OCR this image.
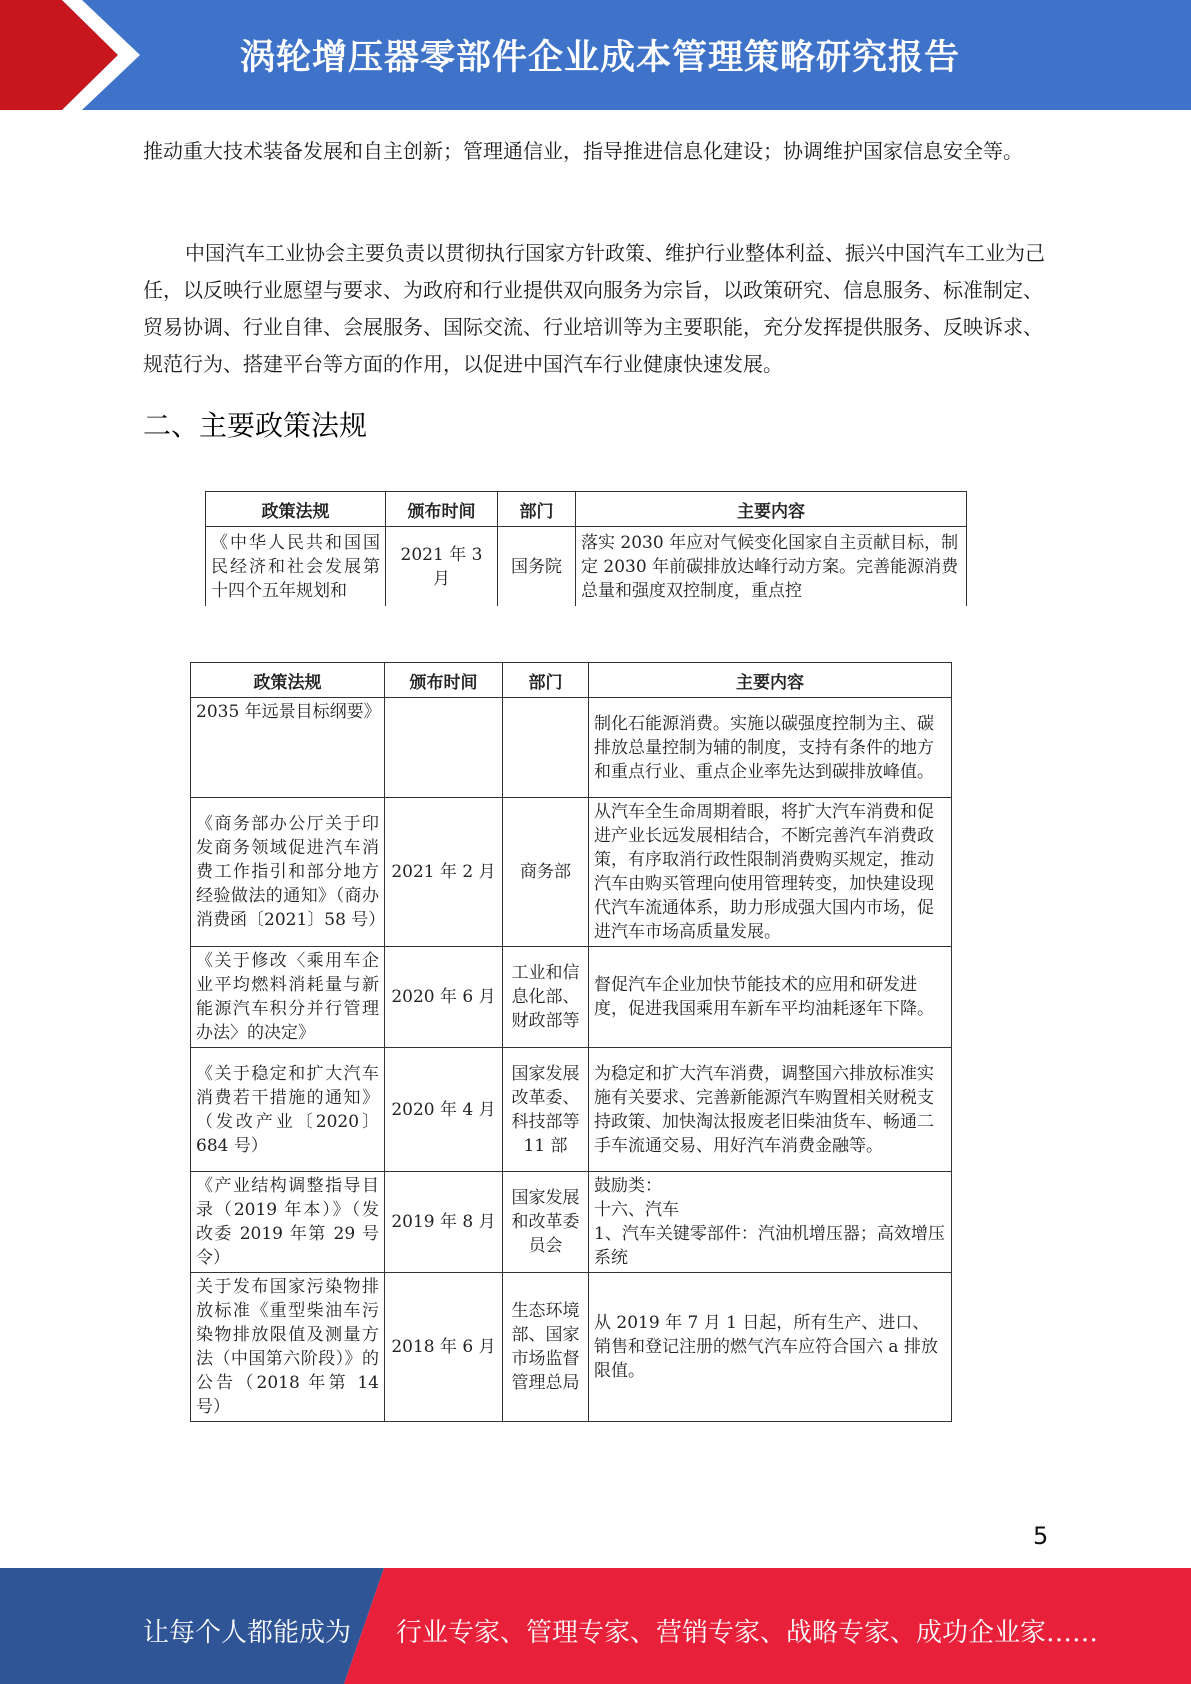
涡轮增压器零部件企业成本管理策略研究报告
推动重大技术装备发展和自主创新；管理通信业，指导推进信息化建设；协调维护国家信息安全等。
中国汽车工业协会主要负责以贯彻执行国家方针政策、维护行业整体利益、振兴中国汽车工业为己任，以反映行业愿望与要求、为政府和行业提供双向服务为宗旨，以政策研究、信息服务、标准制定、贸易协调、行业自律、会展服务、国际交流、行业培训等为主要职能，充分发挥提供服务、反映诉求、规范行为、搭建平台等方面的作用，以促进中国汽车行业健康快速发展。
二、主要政策法规
政策法规	颁布时间	部门	主要内容
《中华人民共和国国民经济和社会发展第十四个五年规划和	2021 年 3 月	国务院	落实 2030 年应对气候变化国家自主贡献目标，制定 2030 年前碳排放达峰行动方案。完善能源消费总量和强度双控制度，重点控
政策法规	颁布时间	部门	主要内容
2035 年远景目标纲要》			制化石能源消费。实施以碳强度控制为主、碳排放总量控制为辅的制度，支持有条件的地方和重点行业、重点企业率先达到碳排放峰值。
《商务部办公厅关于印发商务领域促进汽车消费工作指引和部分地方经验做法的通知》（商办消费函〔2021〕58 号）	2021 年 2 月	商务部	从汽车全生命周期着眼，将扩大汽车消费和促进产业长远发展相结合，不断完善汽车消费政策，有序取消行政性限制消费购买规定，推动汽车由购买管理向使用管理转变，加快建设现代汽车流通体系，助力形成强大国内市场，促进汽车市场高质量发展。
《关于修改〈乘用车企业平均燃料消耗量与新能源汽车积分并行管理办法〉的决定》	2020 年 6 月	工业和信息化部、财政部等	督促汽车企业加快节能技术的应用和研发进度，促进我国乘用车新车平均油耗逐年下降。
《关于稳定和扩大汽车消费若干措施的通知》（发改产业〔2020〕684 号）	2020 年 4 月	国家发展改革委、科技部等 11 部	为稳定和扩大汽车消费，调整国六排放标准实施有关要求、完善新能源汽车购置相关财税支持政策、加快淘汰报废老旧柴油货车、畅通二手车流通交易、用好汽车消费金融等。
《产业结构调整指导目录（2019 年本）》（发改委 2019 年第 29 号令）	2019 年 8 月	国家发展和改革委员会	鼓励类：
十六、汽车
1、汽车关键零部件：汽油机增压器；高效增压系统
关于发布国家污染物排放标准《重型柴油车污染物排放限值及测量方法（中国第六阶段）》的公告（2018 年第 14 号）	2018 年 6 月	生态环境部、国家市场监督管理总局	从 2019 年 7 月 1 日起，所有生产、进口、销售和登记注册的燃气汽车应符合国六 a 排放限值。
5
让每个人都能成为 行业专家、管理专家、营销专家、战略专家、成功企业家……
